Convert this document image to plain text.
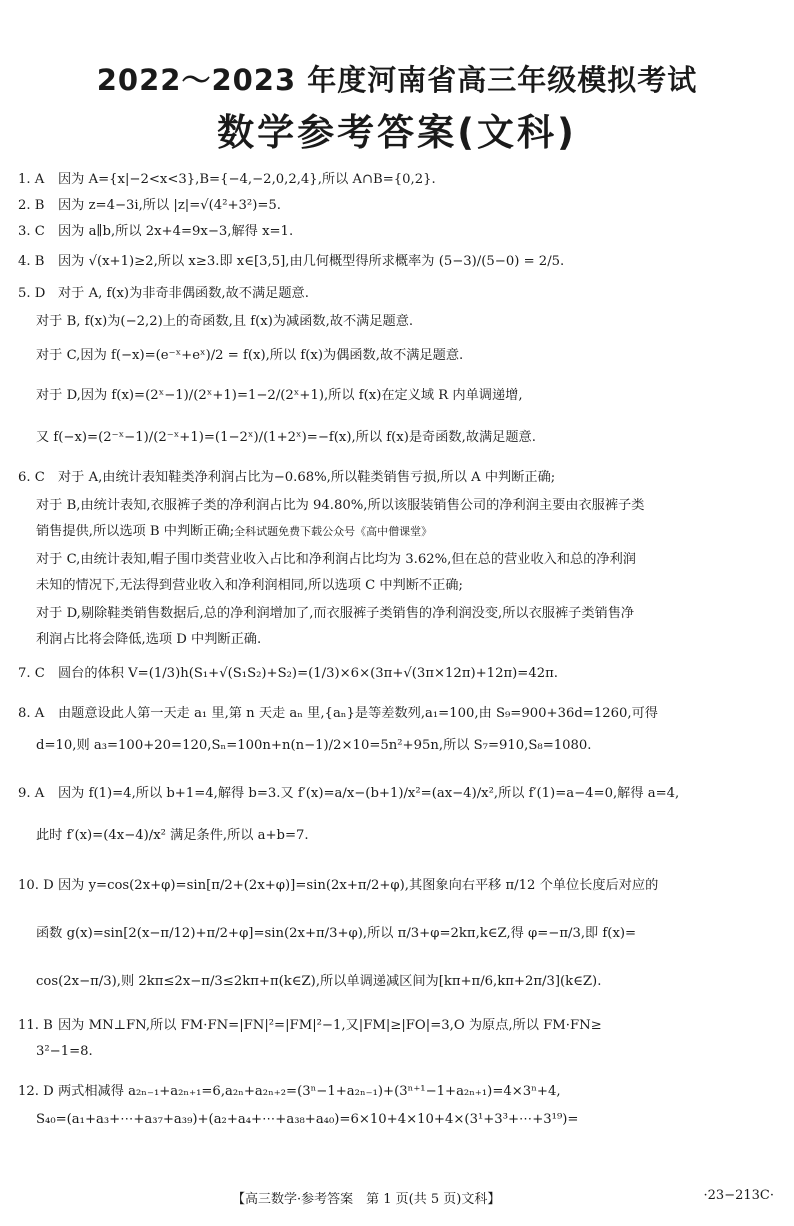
2022～2023 年度河南省高三年级模拟考试
数学参考答案(文科)
1. A 因为 A={x|−2<x<3},B={−4,−2,0,2,4},所以 A∩B={0,2}.
2. B 因为 z=4−3i,所以 |z|=√(4²+3²)=5.
3. C 因为 a∥b,所以 2x+4=9x−3,解得 x=1.
4. B 因为 √(x+1)≥2,所以 x≥3.即 x∈[3,5],由几何概型得所求概率为 (5−3)/(5−0) = 2/5.
5. D 对于 A, f(x)为非奇非偶函数,故不满足题意.
对于 B, f(x)为(−2,2)上的奇函数,且 f(x)为减函数,故不满足题意.
对于 C,因为 f(−x)=(e⁻ˣ+eˣ)/2 = f(x),所以 f(x)为偶函数,故不满足题意.
对于 D,因为 f(x)=(2ˣ−1)/(2ˣ+1)=1−2/(2ˣ+1),所以 f(x)在定义域 R 内单调递增,
又 f(−x)=(2⁻ˣ−1)/(2⁻ˣ+1)=(1−2ˣ)/(1+2ˣ)=−f(x),所以 f(x)是奇函数,故满足题意.
6. C 对于 A,由统计表知鞋类净利润占比为−0.68%,所以鞋类销售亏损,所以 A 中判断正确;
对于 B,由统计表知,衣服裤子类的净利润占比为 94.80%,所以该服装销售公司的净利润主要由衣服裤子类
销售提供,所以选项 B 中判断正确;全科试题免费下载公众号《高中僧课堂》
对于 C,由统计表知,帽子围巾类营业收入占比和净利润占比均为 3.62%,但在总的营业收入和总的净利润
未知的情况下,无法得到营业收入和净利润相同,所以选项 C 中判断不正确;
对于 D,剔除鞋类销售数据后,总的净利润增加了,而衣服裤子类销售的净利润没变,所以衣服裤子类销售净
利润占比将会降低,选项 D 中判断正确.
7. C 圆台的体积 V=(1/3)h(S₁+√(S₁S₂)+S₂)=(1/3)×6×(3π+√(3π×12π)+12π)=42π.
8. A 由题意设此人第一天走 a₁ 里,第 n 天走 aₙ 里,{aₙ}是等差数列,a₁=100,由 S₉=900+36d=1260,可得
d=10,则 a₃=100+20=120,Sₙ=100n+n(n−1)/2×10=5n²+95n,所以 S₇=910,S₈=1080.
9. A 因为 f(1)=4,所以 b+1=4,解得 b=3.又 f′(x)=a/x−(b+1)/x²=(ax−4)/x²,所以 f′(1)=a−4=0,解得 a=4,
此时 f′(x)=(4x−4)/x² 满足条件,所以 a+b=7.
10. D 因为 y=cos(2x+φ)=sin[π/2+(2x+φ)]=sin(2x+π/2+φ),其图象向右平移 π/12 个单位长度后对应的
函数 g(x)=sin[2(x−π/12)+π/2+φ]=sin(2x+π/3+φ),所以 π/3+φ=2kπ,k∈Z,得 φ=−π/3,即 f(x)=
cos(2x−π/3),则 2kπ≤2x−π/3≤2kπ+π(k∈Z),所以单调递减区间为[kπ+π/6,kπ+2π/3](k∈Z).
11. B 因为 MN⊥FN,所以 FM·FN=|FN|²=|FM|²−1,又|FM|≥|FO|=3,O 为原点,所以 FM·FN≥
3²−1=8.
12. D 两式相减得 a₂ₙ₋₁+a₂ₙ₊₁=6,a₂ₙ+a₂ₙ₊₂=(3ⁿ−1+a₂ₙ₋₁)+(3ⁿ⁺¹−1+a₂ₙ₊₁)=4×3ⁿ+4,
S₄₀=(a₁+a₃+⋯+a₃₇+a₃₉)+(a₂+a₄+⋯+a₃₈+a₄₀)=6×10+4×10+4×(3¹+3³+⋯+3¹⁹)=
【高三数学·参考答案　第 1 页(共 5 页)文科】	·23−213C·
